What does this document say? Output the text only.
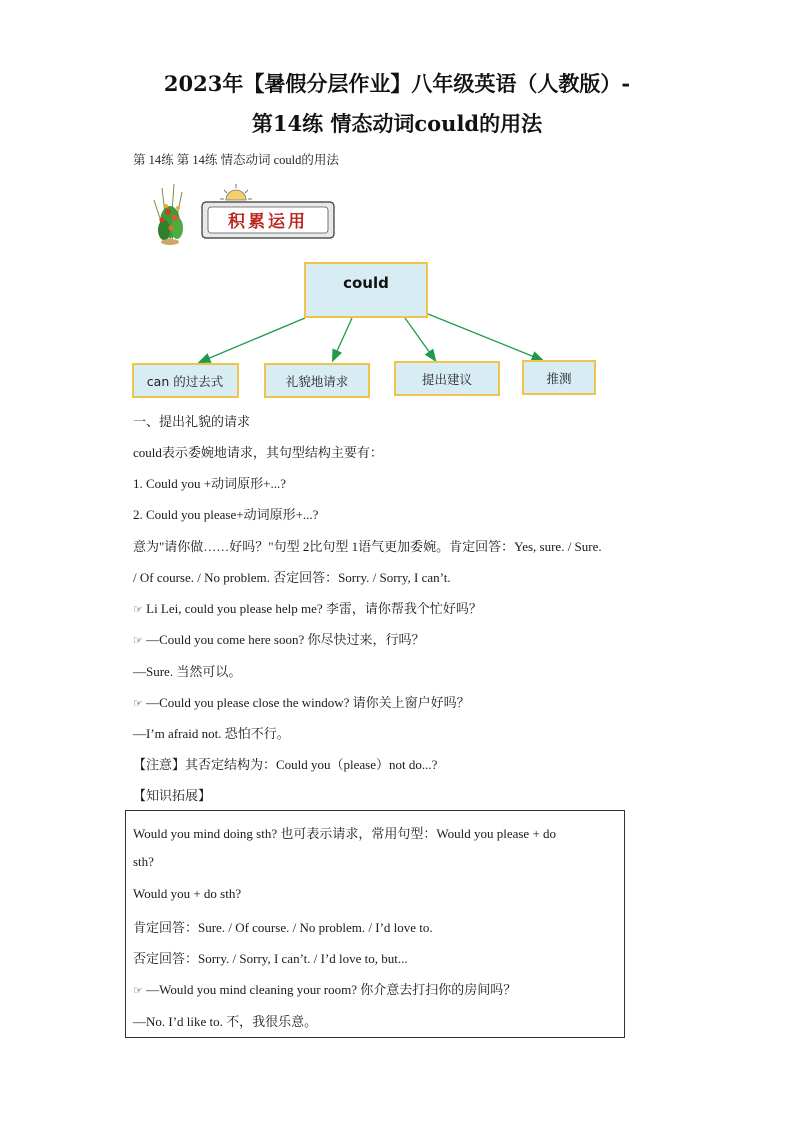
2023年【暑假分层作业】八年级英语（人教版）-
第14练 情态动词could的用法
第 14练 第 14练 情态动词 could的用法
积累运用
could
can 的过去式	礼貌地请求	提出建议	推测
一、提出礼貌的请求
could表示委婉地请求，其句型结构主要有：
1. Could you +动词原形+...?
2. Could you please+动词原形+...?
意为"请你做……好吗？"句型 2比句型 1语气更加委婉。肯定回答：Yes, sure. / Sure.
/ Of course. / No problem. 否定回答：Sorry. / Sorry, I can’t.
☞ Li Lei, could you please help me? 李雷，请你帮我个忙好吗？
☞ —Could you come here soon? 你尽快过来，行吗？
—Sure. 当然可以。
☞ —Could you please close the window? 请你关上窗户好吗？
—I’m afraid not. 恐怕不行。
【注意】其否定结构为：Could you（please）not do...?
【知识拓展】
Would you mind doing sth? 也可表示请求，常用句型：Would you please + do
sth?
Would you + do sth?
肯定回答：Sure. / Of course. / No problem. / I’d love to.
否定回答：Sorry. / Sorry, I can’t. / I’d love to, but...
☞ —Would you mind cleaning your room? 你介意去打扫你的房间吗？
—No. I’d like to. 不，我很乐意。
